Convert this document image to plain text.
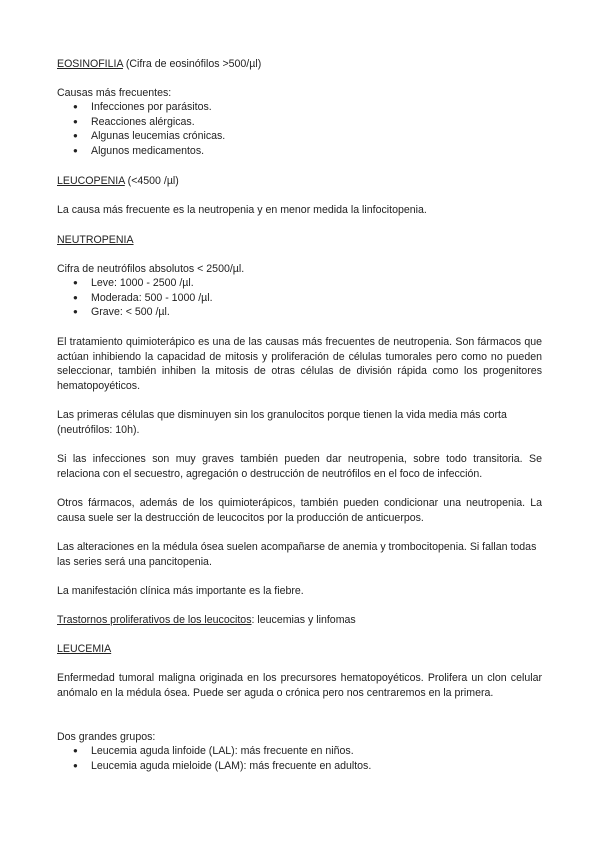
EOSINOFILIA (Cifra de eosinófilos >500/µl)

Causas más frecuentes:

● Infecciones por parásitos.
● Reacciones alérgicas.
● Algunas leucemias crónicas.
● Algunos medicamentos.

LEUCOPENIA (<4500 /µl)

La causa más frecuente es la neutropenia y en menor medida la linfocitopenia.

NEUTROPENIA

Cifra de neutrófilos absolutos < 2500/µl.

● Leve: 1000 - 2500 /µl.
● Moderada: 500 - 1000 /µl.
● Grave: < 500 /µl.

El tratamiento quimioterápico es una de las causas más frecuentes de neutropenia. Son fármacos que actúan inhibiendo la capacidad de mitosis y proliferación de células tumorales pero como no pueden seleccionar, también inhiben la mitosis de otras células de división rápida como los progenitores hematopoyéticos.

Las primeras células que disminuyen sin los granulocitos porque tienen la vida media más corta (neutrófilos: 10h).

Si las infecciones son muy graves también pueden dar neutropenia, sobre todo transitoria. Se relaciona con el secuestro, agregación o destrucción de neutrófilos en el foco de infección.

Otros fármacos, además de los quimioterápicos, también pueden condicionar una neutropenia. La causa suele ser la destrucción de leucocitos por la producción de anticuerpos.

Las alteraciones en la médula ósea suelen acompañarse de anemia y trombocitopenia. Si fallan todas las series será una pancitopenia.

La manifestación clínica más importante es la fiebre.

Trastornos proliferativos de los leucocitos: leucemias y linfomas

LEUCEMIA

Enfermedad tumoral maligna originada en los precursores hematopoyéticos. Prolifera un clon celular anómalo en la médula ósea. Puede ser aguda o crónica pero nos centraremos en la primera.

Dos grandes grupos:

● Leucemia aguda linfoide (LAL): más frecuente en niños.
● Leucemia aguda mieloide (LAM): más frecuente en adultos.
